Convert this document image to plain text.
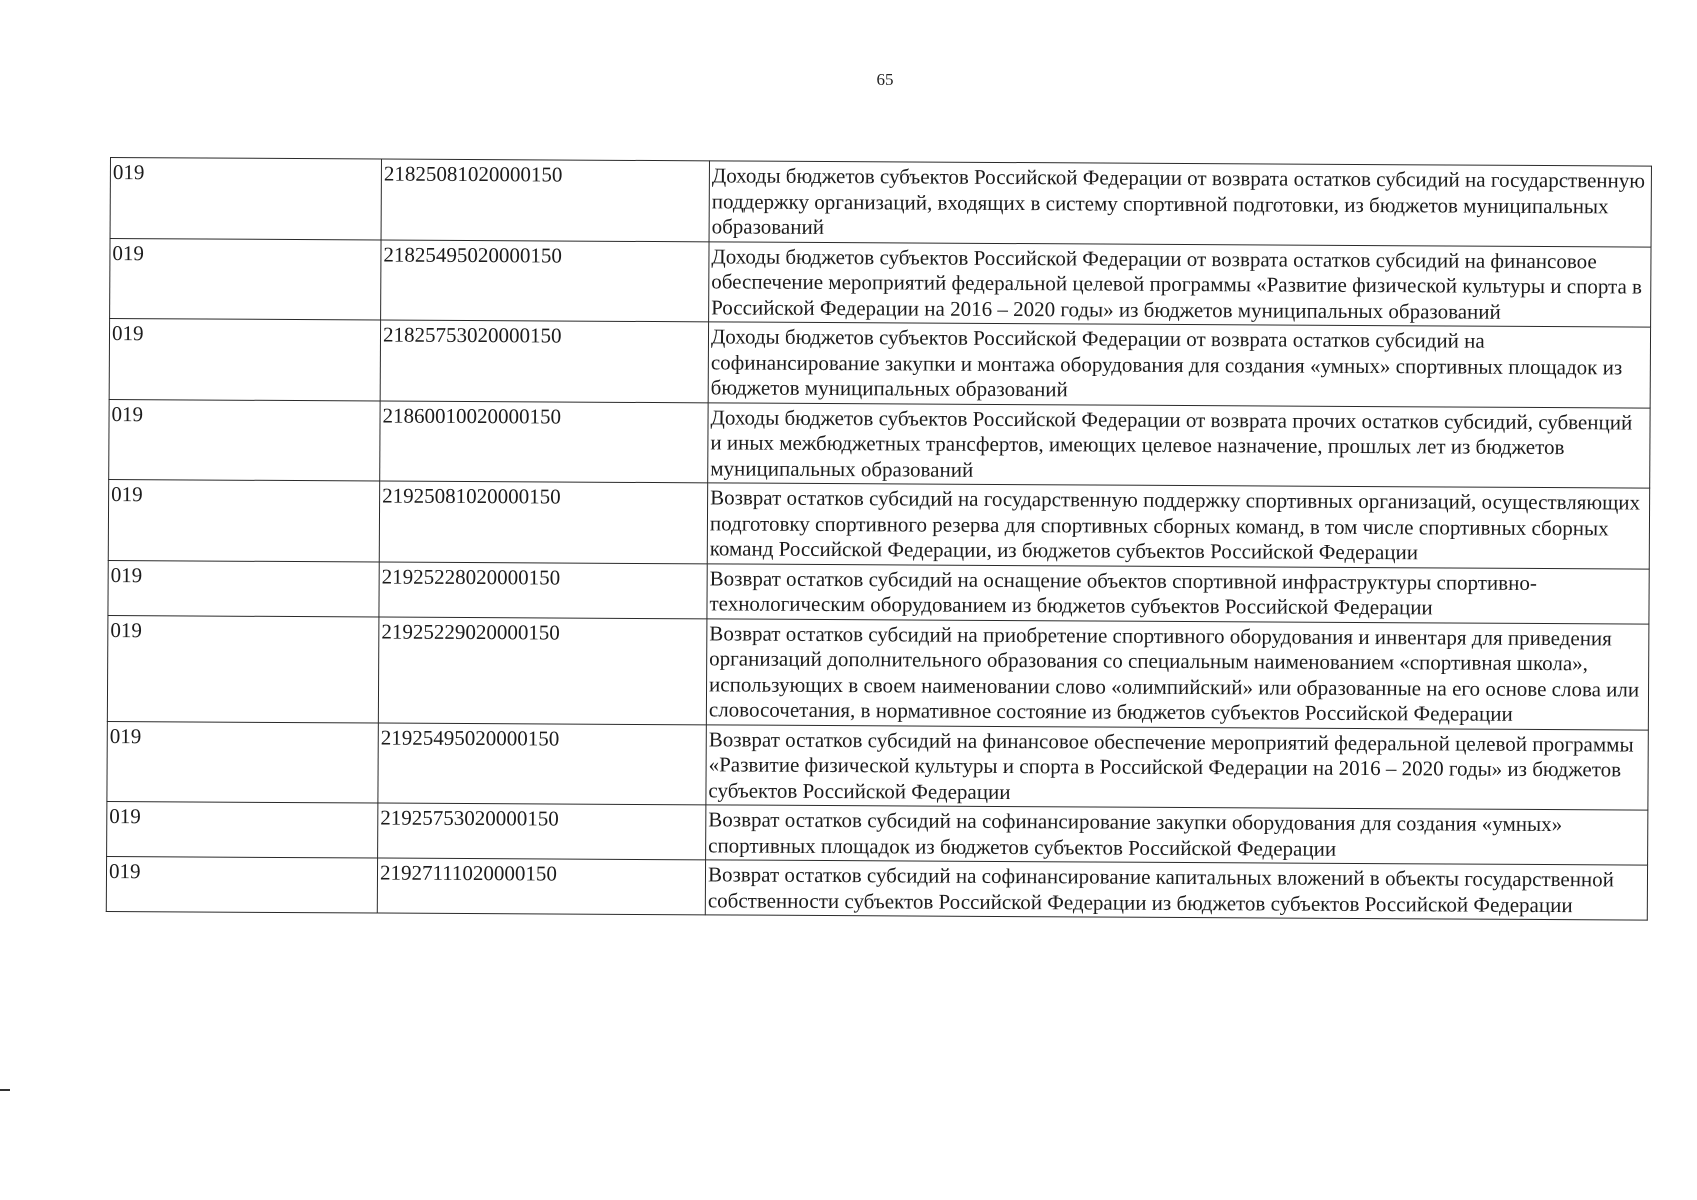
65
019	21825081020000150	Доходы бюджетов субъектов Российской Федерации от возврата остатков субсидий на государственную поддержку организаций, входящих в систему спортивной подготовки, из бюджетов муниципальных образований
019	21825495020000150	Доходы бюджетов субъектов Российской Федерации от возврата остатков субсидий на финансовое обеспечение мероприятий федеральной целевой программы «Развитие физической культуры и спорта в Российской Федерации на 2016 – 2020 годы» из бюджетов муниципальных образований
019	21825753020000150	Доходы бюджетов субъектов Российской Федерации от возврата остатков субсидий на софинансирование закупки и монтажа оборудования для создания «умных» спортивных площадок из бюджетов муниципальных образований
019	21860010020000150	Доходы бюджетов субъектов Российской Федерации от возврата прочих остатков субсидий, субвенций и иных межбюджетных трансфертов, имеющих целевое назначение, прошлых лет из бюджетов муниципальных образований
019	21925081020000150	Возврат остатков субсидий на государственную поддержку спортивных организаций, осуществляющих подготовку спортивного резерва для спортивных сборных команд, в том числе спортивных сборных команд Российской Федерации, из бюджетов субъектов Российской Федерации
019	21925228020000150	Возврат остатков субсидий на оснащение объектов спортивной инфраструктуры спортивно-технологическим оборудованием из бюджетов субъектов Российской Федерации
019	21925229020000150	Возврат остатков субсидий на приобретение спортивного оборудования и инвентаря для приведения организаций дополнительного образования со специальным наименованием «спортивная школа», использующих в своем наименовании слово «олимпийский» или образованные на его основе слова или словосочетания, в нормативное состояние из бюджетов субъектов Российской Федерации
019	21925495020000150	Возврат остатков субсидий на финансовое обеспечение мероприятий федеральной целевой программы «Развитие физической культуры и спорта в Российской Федерации на 2016 – 2020 годы» из бюджетов субъектов Российской Федерации
019	21925753020000150	Возврат остатков субсидий на софинансирование закупки оборудования для создания «умных» спортивных площадок из бюджетов субъектов Российской Федерации
019	21927111020000150	Возврат остатков субсидий на софинансирование капитальных вложений в объекты государственной собственности субъектов Российской Федерации из бюджетов субъектов Российской Федерации
